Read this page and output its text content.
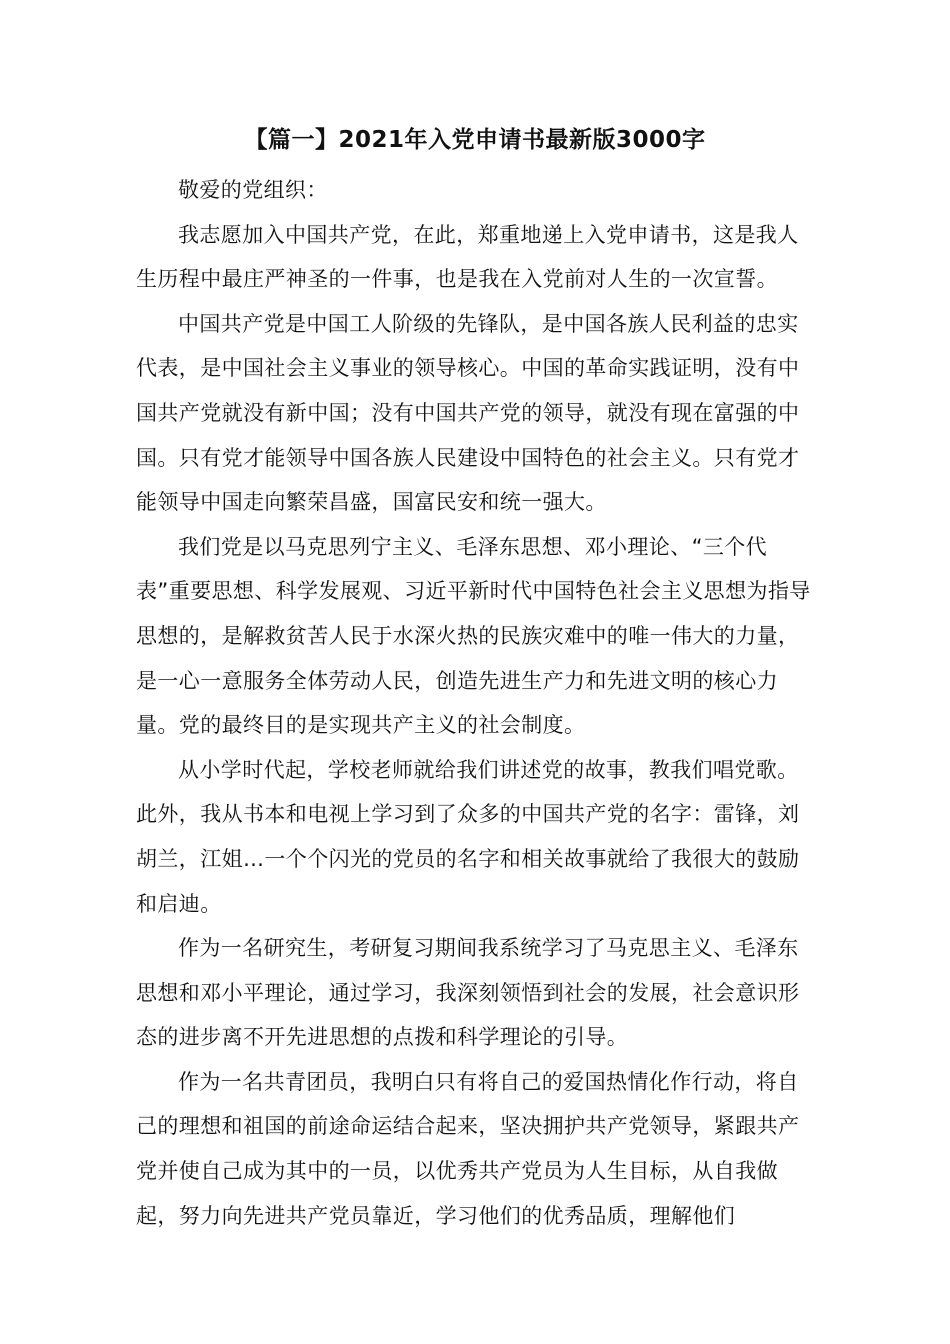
【篇一】2021年入党申请书最新版3000字

敬爱的党组织：

我志愿加入中国共产党，在此，郑重地递上入党申请书，这是我人生历程中最庄严神圣的一件事，也是我在入党前对人生的一次宣誓。

中国共产党是中国工人阶级的先锋队，是中国各族人民利益的忠实代表，是中国社会主义事业的领导核心。中国的革命实践证明，没有中国共产党就没有新中国；没有中国共产党的领导，就没有现在富强的中国。只有党才能领导中国各族人民建设中国特色的社会主义。只有党才能领导中国走向繁荣昌盛，国富民安和统一强大。

我们党是以马克思列宁主义、毛泽东思想、邓小理论、“三个代表”重要思想、科学发展观、习近平新时代中国特色社会主义思想为指导思想的，是解救贫苦人民于水深火热的民族灾难中的唯一伟大的力量，是一心一意服务全体劳动人民，创造先进生产力和先进文明的核心力量。党的最终目的是实现共产主义的社会制度。

从小学时代起，学校老师就给我们讲述党的故事，教我们唱党歌。此外，我从书本和电视上学习到了众多的中国共产党的名字：雷锋，刘胡兰，江姐…一个个闪光的党员的名字和相关故事就给了我很大的鼓励和启迪。

作为一名研究生，考研复习期间我系统学习了马克思主义、毛泽东思想和邓小平理论，通过学习，我深刻领悟到社会的发展，社会意识形态的进步离不开先进思想的点拨和科学理论的引导。

作为一名共青团员，我明白只有将自己的爱国热情化作行动，将自己的理想和祖国的前途命运结合起来，坚决拥护共产党领导，紧跟共产党并使自己成为其中的一员，以优秀共产党员为人生目标，从自我做起，努力向先进共产党员靠近，学习他们的优秀品质，理解他们
